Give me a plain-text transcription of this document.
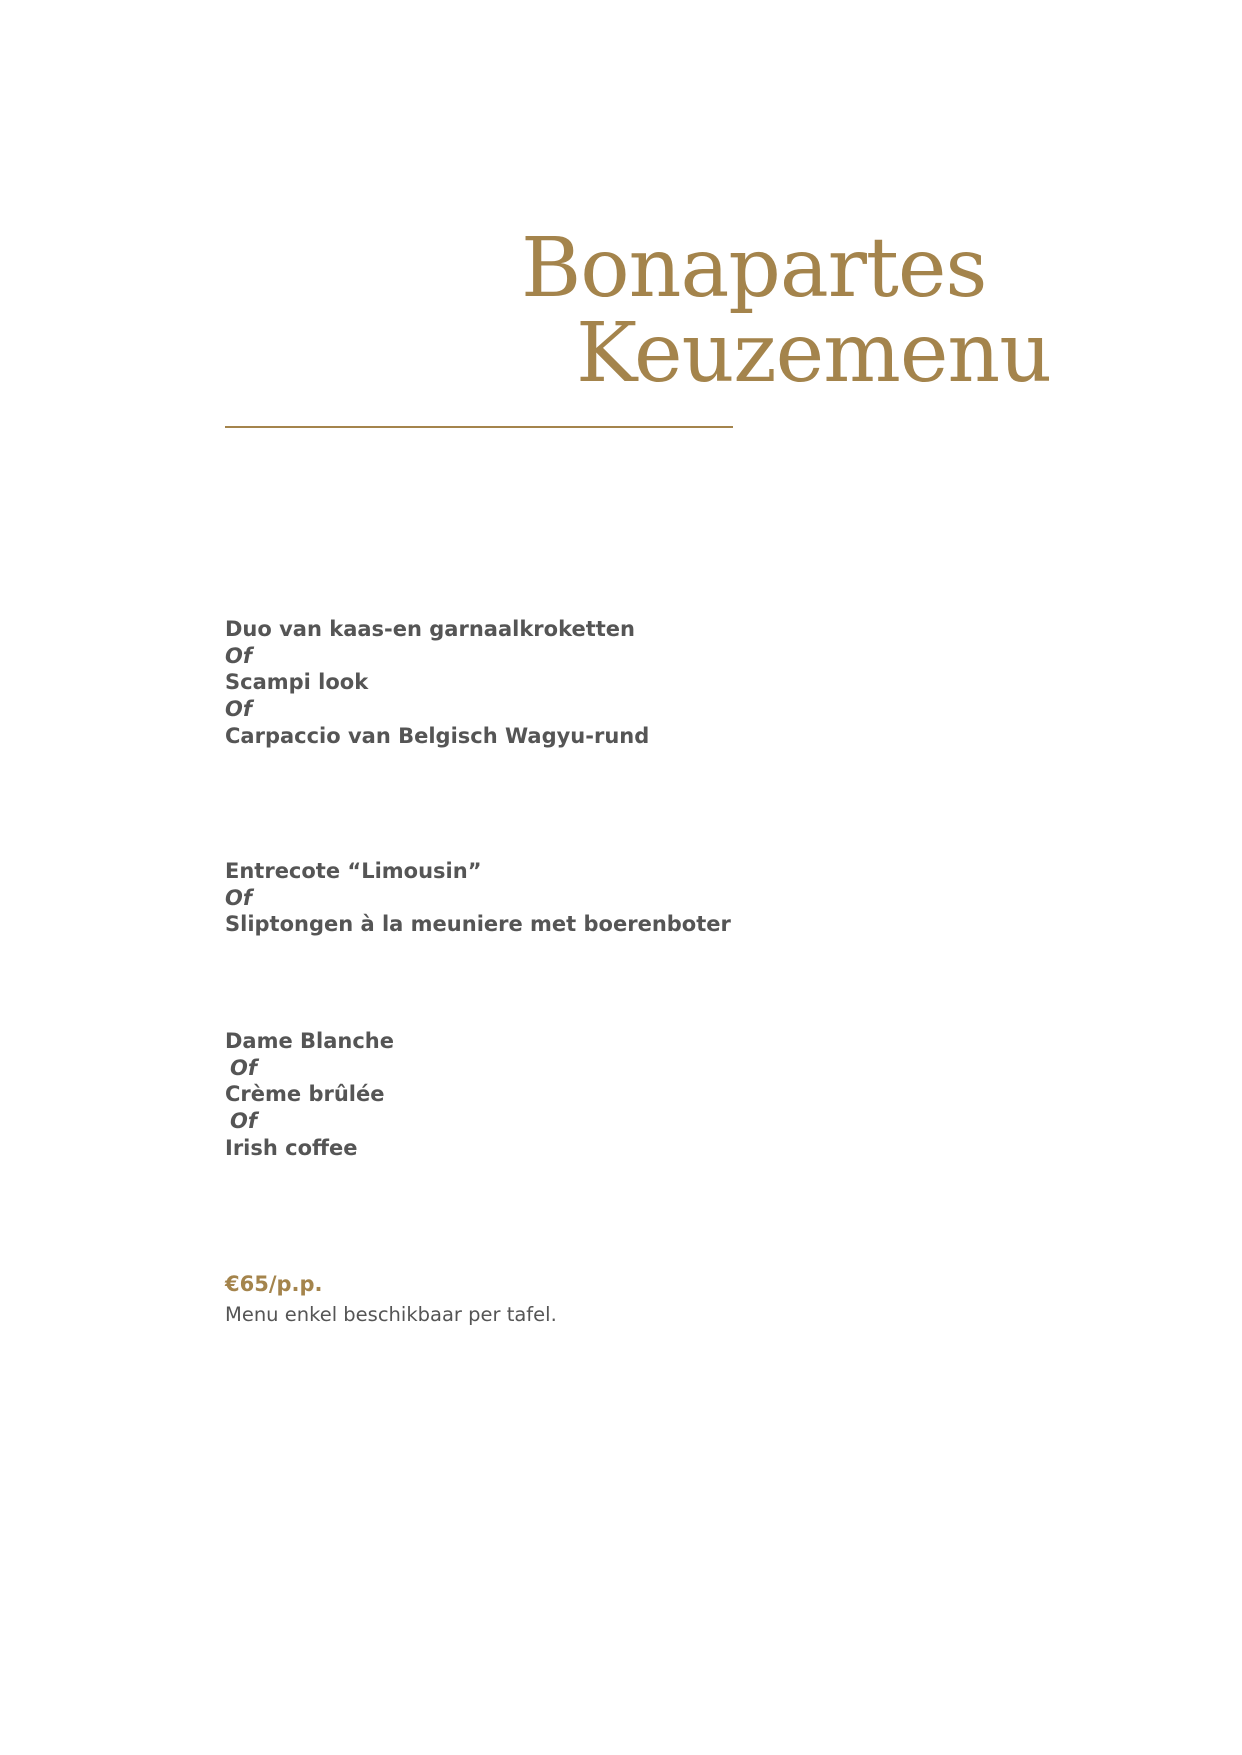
Bonapartes
Keuzemenu
Duo van kaas-en garnaalkroketten
Of
Scampi look
Of
Carpaccio van Belgisch Wagyu-rund
Entrecote “Limousin”
Of
Sliptongen à la meuniere met boerenboter
Dame Blanche
Of
Crème brûlée
Of
Irish coffee
€65/p.p.
Menu enkel beschikbaar per tafel.
